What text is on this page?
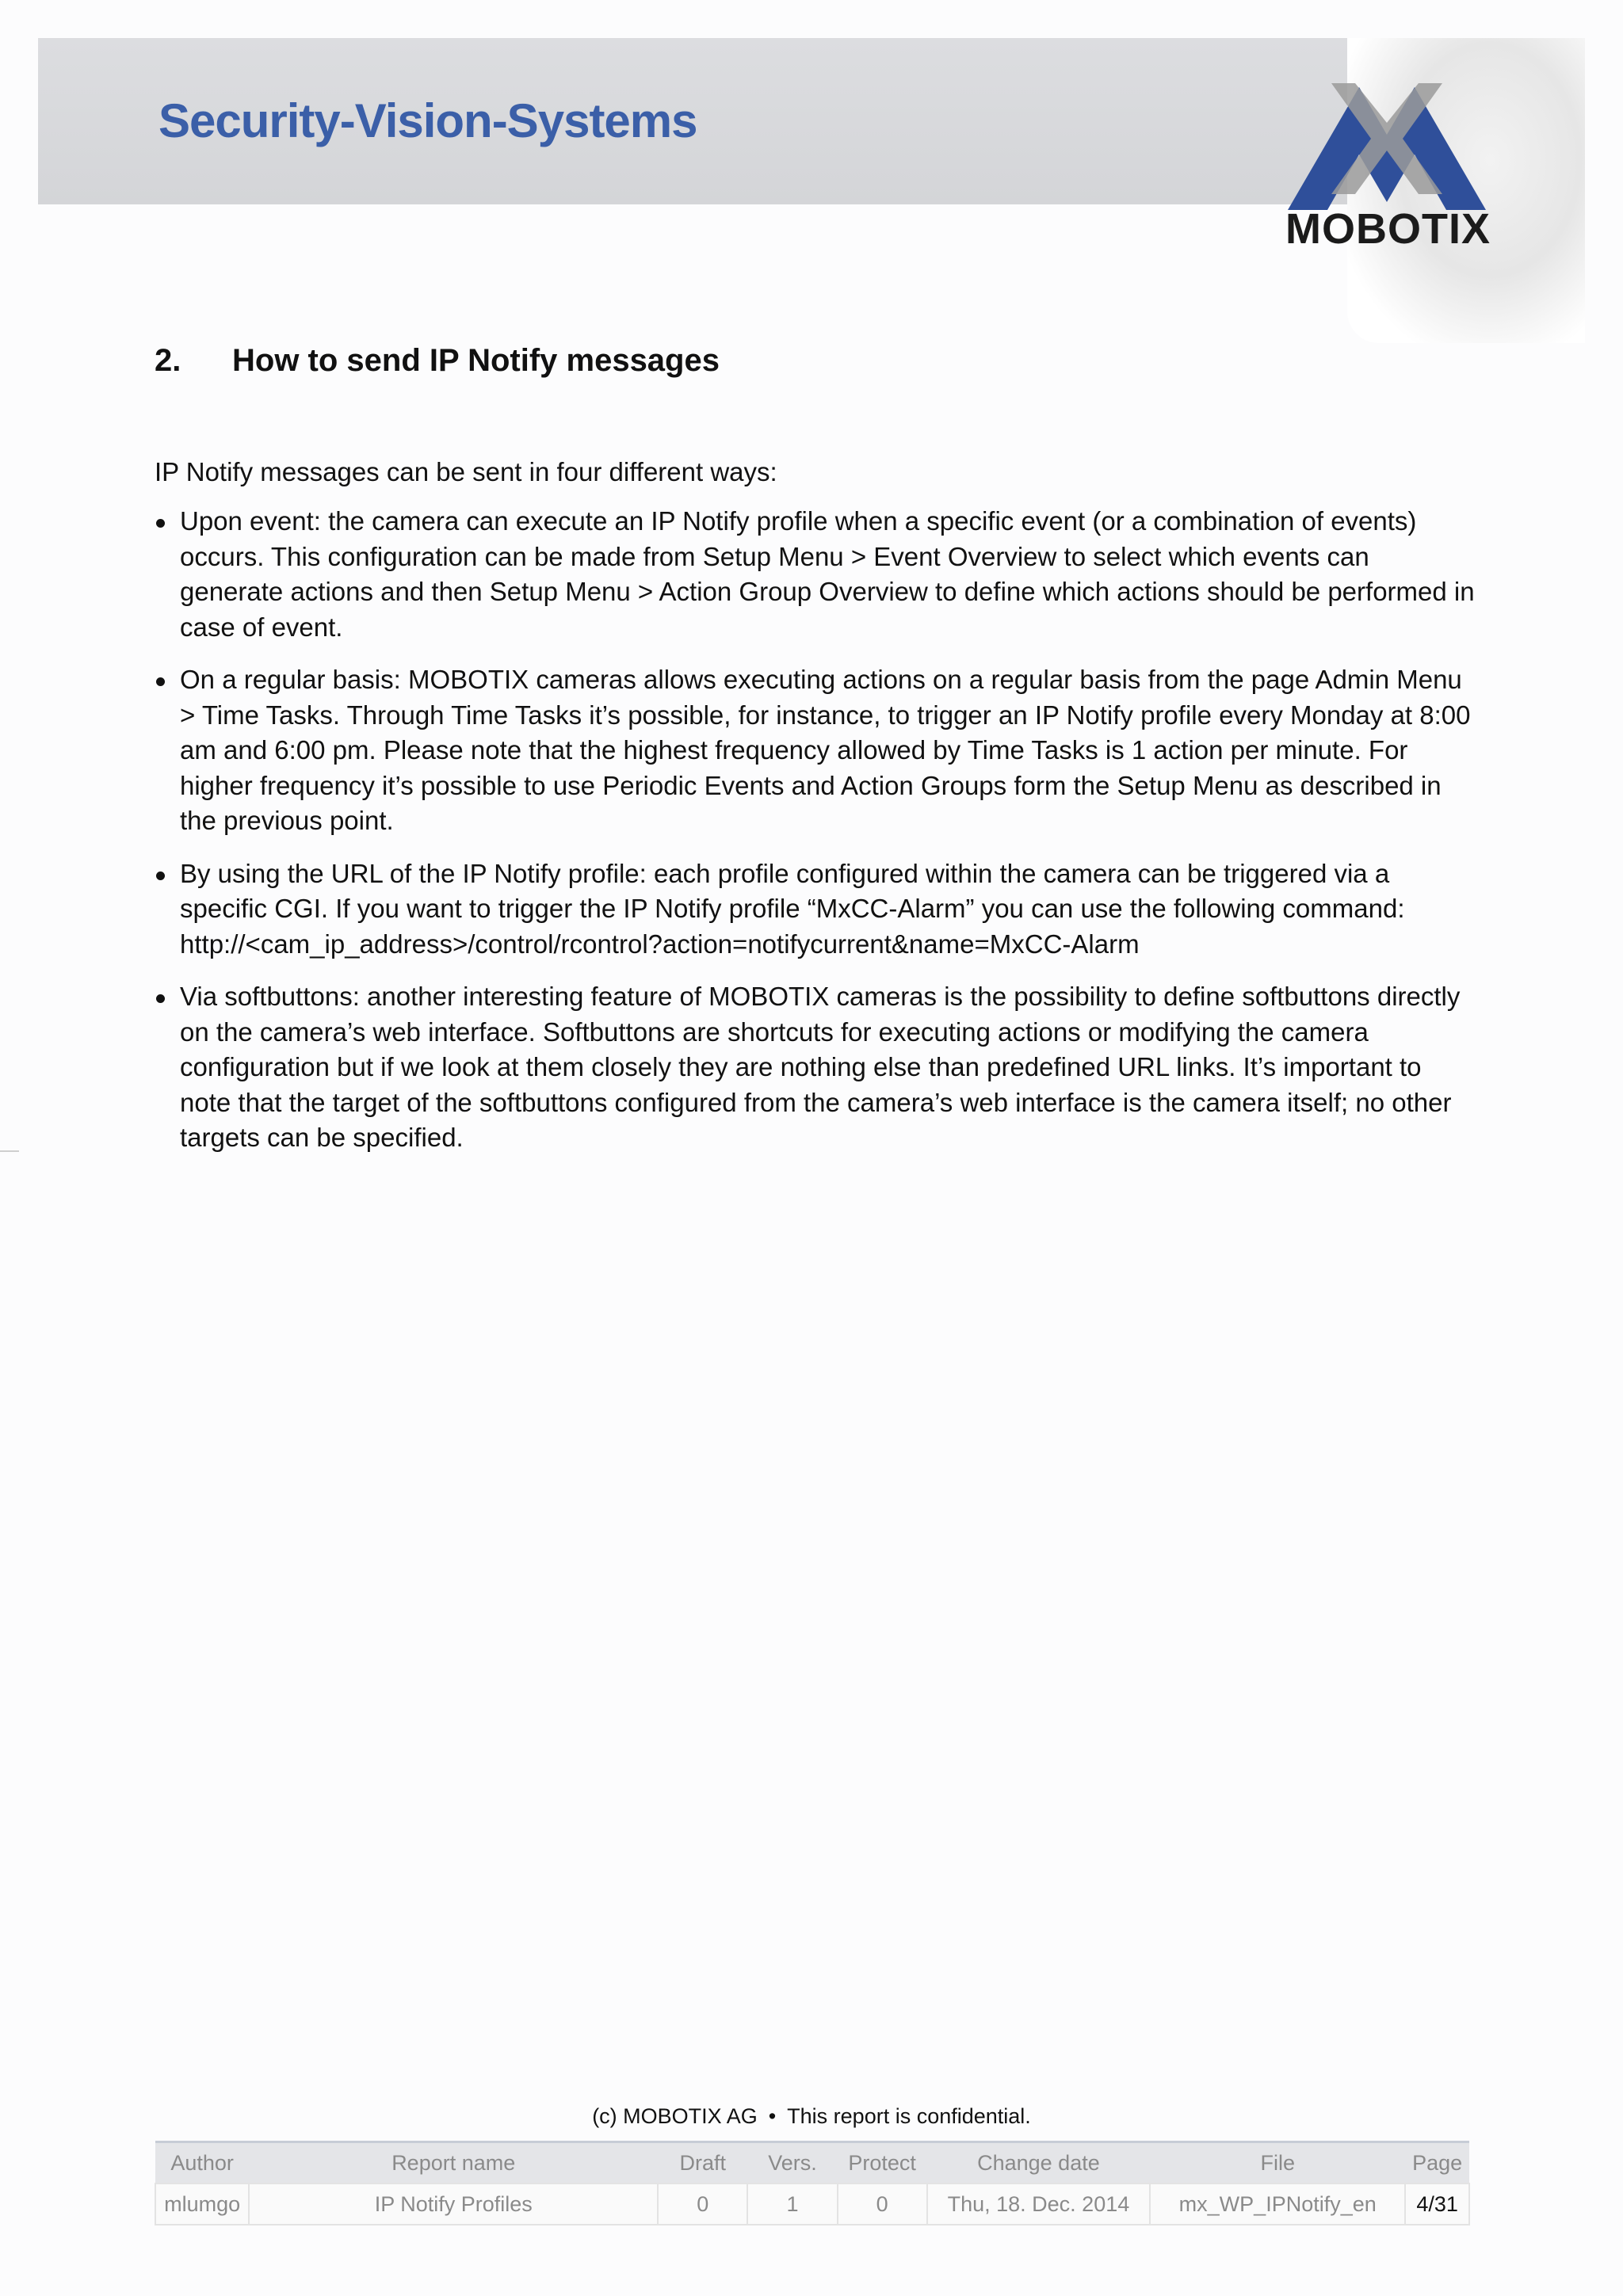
Security-Vision-Systems
MOBOTIX
2. How to send IP Notify messages
IP Notify messages can be sent in four different ways:
Upon event: the camera can execute an IP Notify profile when a specific event (or a combination of events) occurs. This configuration can be made from Setup Menu > Event Overview to select which events can generate actions and then Setup Menu > Action Group Overview to define which actions should be performed in case of event.
On a regular basis: MOBOTIX cameras allows executing actions on a regular basis from the page Admin Menu > Time Tasks. Through Time Tasks it’s possible, for instance, to trigger an IP Notify profile every Monday at 8:00 am and 6:00 pm. Please note that the highest frequency allowed by Time Tasks is 1 action per minute. For higher frequency it’s possible to use Periodic Events and Action Groups form the Setup Menu as described in the previous point.
By using the URL of the IP Notify profile: each profile configured within the camera can be triggered via a specific CGI. If you want to trigger the IP Notify profile “MxCC-Alarm” you can use the following command: http://<cam_ip_address>/control/rcontrol?action=notifycurrent&name=MxCC-Alarm
Via softbuttons: another interesting feature of MOBOTIX cameras is the possibility to define softbuttons directly on the camera’s web interface. Softbuttons are shortcuts for executing actions or modifying the camera configuration but if we look at them closely they are nothing else than predefined URL links. It’s important to note that the target of the softbuttons configured from the camera’s web interface is the camera itself; no other targets can be specified.
(c) MOBOTIX AG • This report is confidential.
Author	Report name	Draft	Vers.	Protect	Change date	File	Page
mlumgo	IP Notify Profiles	0	1	0	Thu, 18. Dec. 2014	mx_WP_IPNotify_en	4/31
